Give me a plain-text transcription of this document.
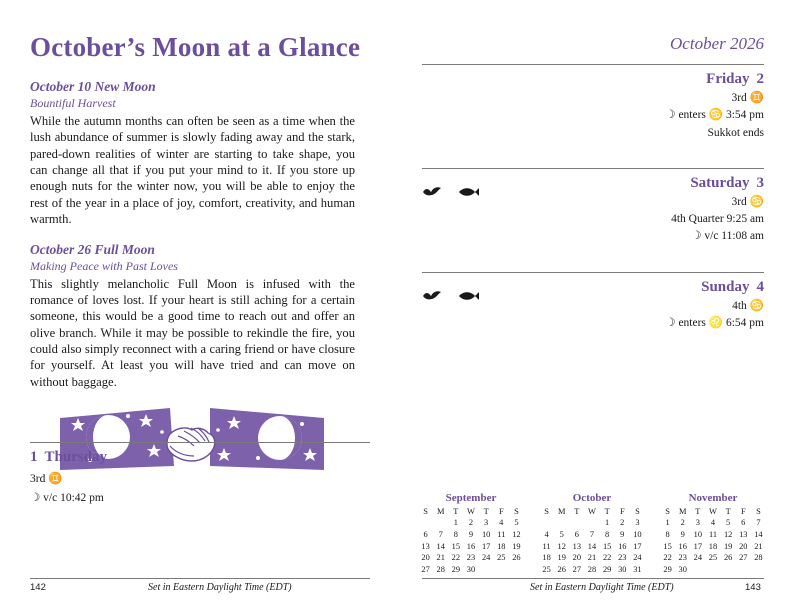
October’s Moon at a Glance
October 10 New Moon
Bountiful Harvest
While the autumn months can often be seen as a time when the lush abundance of summer is slowly fading away and the stark, pared-down realities of winter are starting to take shape, you can change all that if you put your mind to it. If you store up enough nuts for the winter now, you will be able to enjoy the rest of the year in a place of joy, comfort, creativity, and human warmth.
October 26 Full Moon
Making Peace with Past Loves
This slightly melancholic Full Moon is infused with the romance of loves lost. If your heart is still aching for a certain someone, this would be a good time to reach out and offer an olive branch. While it may be possible to rekindle the fire, you could also simply reconnect with a caring friend or have closure for yourself. At least you will have tried and can move on without baggage.
1 Thursday
3rd ♊
☽ v/c 10:42 pm
October 2026
Friday 2
3rd ♊
☽ enters ♋ 3:54 pm
Sukkot ends
Saturday 3
3rd ♋
4th Quarter 9:25 am
☽ v/c 11:08 am
Sunday 4
4th ♋
☽ enters ♌ 6:54 pm
September
S	M	T	W	T	F	S
		1	2	3	4	5
6	7	8	9	10	11	12
13	14	15	16	17	18	19
20	21	22	23	24	25	26
27	28	29	30			
October
S	M	T	W	T	F	S
				1	2	3
4	5	6	7	8	9	10
11	12	13	14	15	16	17
18	19	20	21	22	23	24
25	26	27	28	29	30	31
November
S	M	T	W	T	F	S
1	2	3	4	5	6	7
8	9	10	11	12	13	14
15	16	17	18	19	20	21
22	23	24	25	26	27	28
29	30					
142	Set in Eastern Daylight Time (EDT)	Set in Eastern Daylight Time (EDT)	143
